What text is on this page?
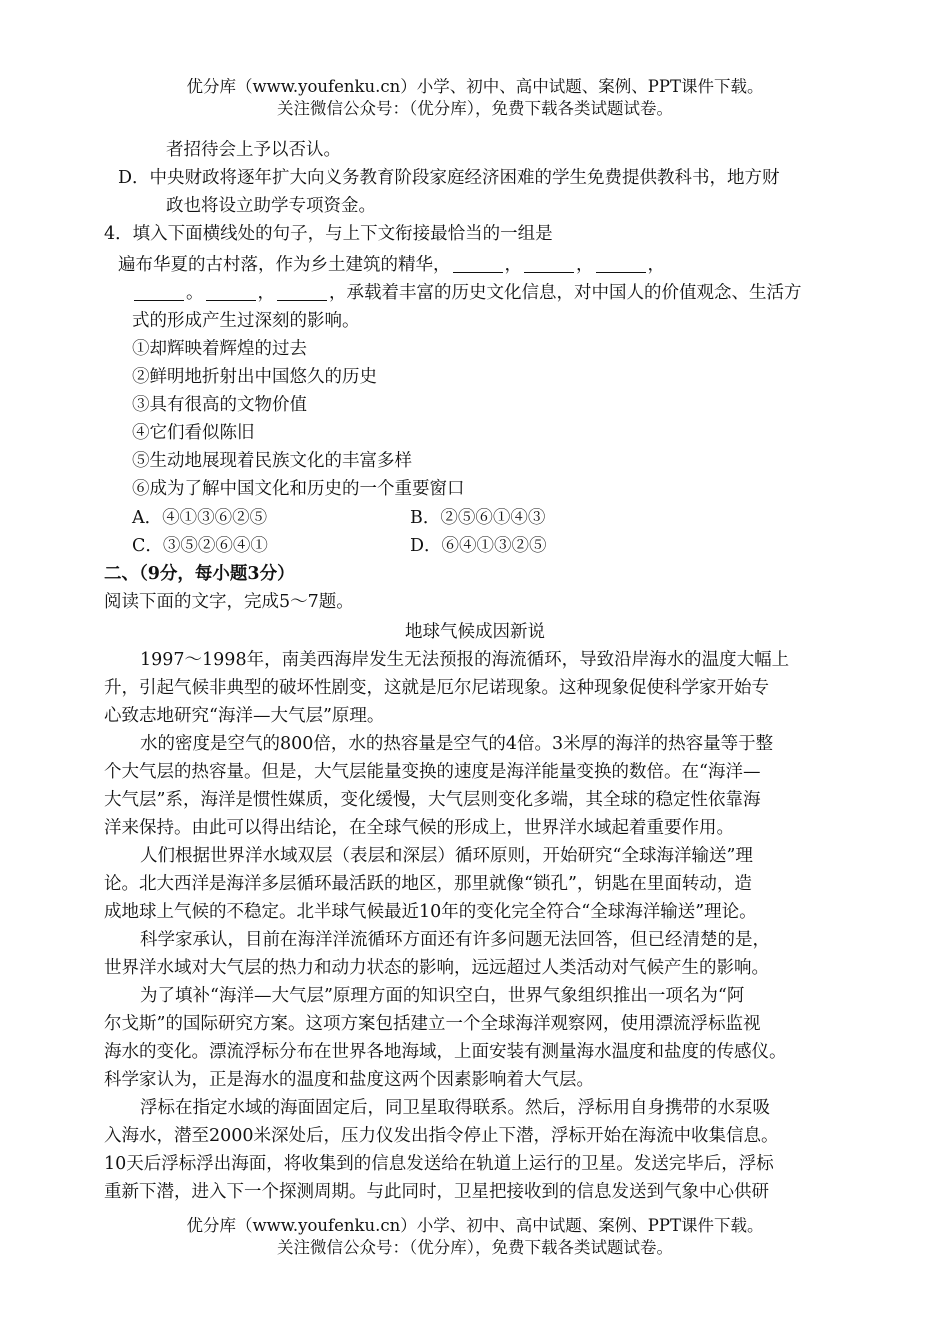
优分库（www.youfenku.cn）小学、初中、高中试题、案例、PPT课件下载。
关注微信公众号：（优分库），免费下载各类试题试卷。
者招待会上予以否认。
D．中央财政将逐年扩大向义务教育阶段家庭经济困难的学生免费提供教科书，地方财
政也将设立助学专项资金。
4．填入下面横线处的句子，与上下文衔接最恰当的一组是
遍布华夏的古村落，作为乡土建筑的精华，	，	，	，
。	，	，承载着丰富的历史文化信息，对中国人的价值观念、生活方
式的形成产生过深刻的影响。
①却辉映着辉煌的过去
②鲜明地折射出中国悠久的历史
③具有很高的文物价值
④它们看似陈旧
⑤生动地展现着民族文化的丰富多样
⑥成为了解中国文化和历史的一个重要窗口
A．④①③⑥②⑤	B．②⑤⑥①④③
C．③⑤②⑥④①	D．⑥④①③②⑤
二、（9分，每小题3分）
阅读下面的文字，完成5～7题。
地球气候成因新说
1997～1998年，南美西海岸发生无法预报的海流循环，导致沿岸海水的温度大幅上
升，引起气候非典型的破坏性剧变，这就是厄尔尼诺现象。这种现象促使科学家开始专
心致志地研究“海洋—大气层”原理。
水的密度是空气的800倍，水的热容量是空气的4倍。3米厚的海洋的热容量等于整
个大气层的热容量。但是，大气层能量变换的速度是海洋能量变换的数倍。在“海洋—
大气层”系，海洋是惯性媒质，变化缓慢，大气层则变化多端，其全球的稳定性依靠海
洋来保持。由此可以得出结论，在全球气候的形成上，世界洋水域起着重要作用。
人们根据世界洋水域双层（表层和深层）循环原则，开始研究“全球海洋输送”理
论。北大西洋是海洋多层循环最活跃的地区，那里就像“锁孔”，钥匙在里面转动，造
成地球上气候的不稳定。北半球气候最近10年的变化完全符合“全球海洋输送”理论。
科学家承认，目前在海洋洋流循环方面还有许多问题无法回答，但已经清楚的是，
世界洋水域对大气层的热力和动力状态的影响，远远超过人类活动对气候产生的影响。
为了填补“海洋—大气层”原理方面的知识空白，世界气象组织推出一项名为“阿
尔戈斯”的国际研究方案。这项方案包括建立一个全球海洋观察网，使用漂流浮标监视
海水的变化。漂流浮标分布在世界各地海域，上面安装有测量海水温度和盐度的传感仪。
科学家认为，正是海水的温度和盐度这两个因素影响着大气层。
浮标在指定水域的海面固定后，同卫星取得联系。然后，浮标用自身携带的水泵吸
入海水，潜至2000米深处后，压力仪发出指令停止下潜，浮标开始在海流中收集信息。
10天后浮标浮出海面，将收集到的信息发送给在轨道上运行的卫星。发送完毕后，浮标
重新下潜，进入下一个探测周期。与此同时，卫星把接收到的信息发送到气象中心供研
优分库（www.youfenku.cn）小学、初中、高中试题、案例、PPT课件下载。
关注微信公众号：（优分库），免费下载各类试题试卷。
